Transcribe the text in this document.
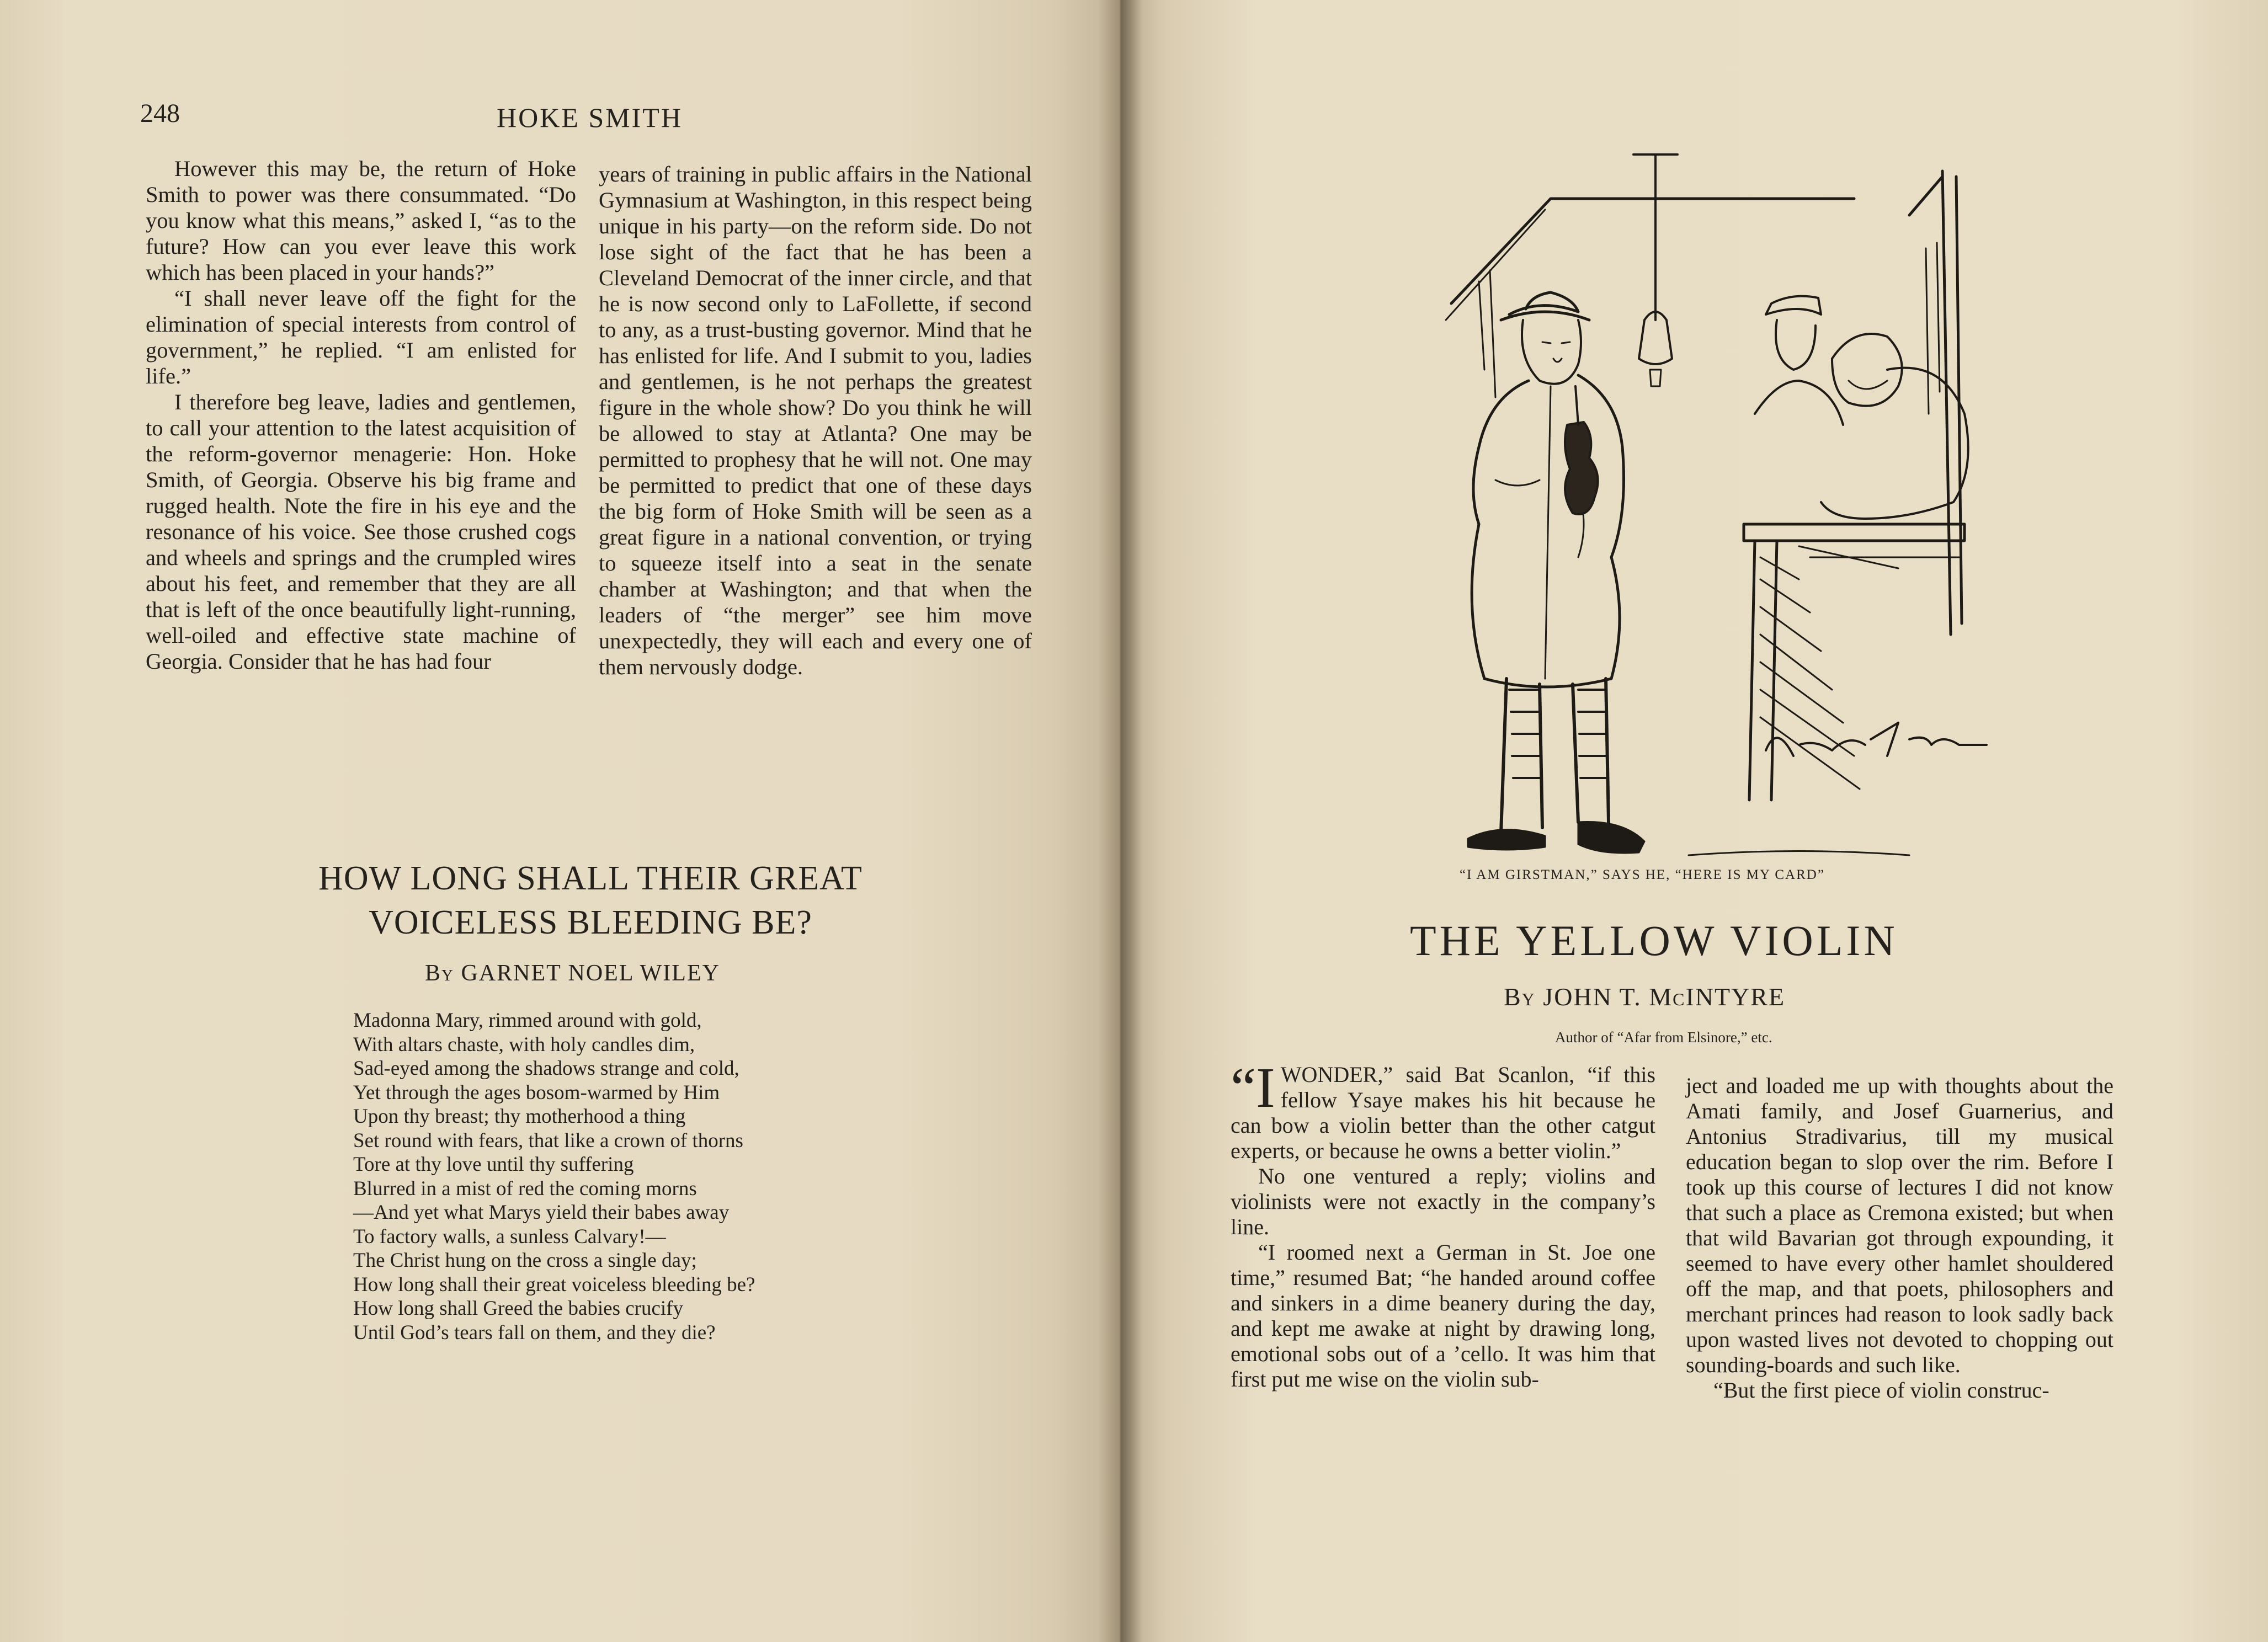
248	HOKE SMITH

However this may be, the return of Hoke Smith to power was there consummated. “Do you know what this means,” asked I, “as to the future? How can you ever leave this work which has been placed in your hands?”

“I shall never leave off the fight for the elimination of special interests from control of government,” he replied. “I am enlisted for life.”

I therefore beg leave, ladies and gentlemen, to call your attention to the latest acquisition of the reform-governor menagerie: Hon. Hoke Smith, of Georgia. Observe his big frame and rugged health. Note the fire in his eye and the resonance of his voice. See those crushed cogs and wheels and springs and the crumpled wires about his feet, and remember that they are all that is left of the once beautifully light-running, well-oiled and effective state machine of Georgia. Consider that he has had four

years of training in public affairs in the National Gymnasium at Washington, in this respect being unique in his party—on the reform side. Do not lose sight of the fact that he has been a Cleveland Democrat of the inner circle, and that he is now second only to LaFollette, if second to any, as a trust-busting governor. Mind that he has enlisted for life. And I submit to you, ladies and gentlemen, is he not perhaps the greatest figure in the whole show? Do you think he will be allowed to stay at Atlanta? One may be permitted to prophesy that he will not. One may be permitted to predict that one of these days the big form of Hoke Smith will be seen as a great figure in a national convention, or trying to squeeze itself into a seat in the senate chamber at Washington; and that when the leaders of “the merger” see him move unexpectedly, they will each and every one of them nervously dodge.

HOW LONG SHALL THEIR GREAT
VOICELESS BLEEDING BE?
By GARNET NOEL WILEY
Madonna Mary, rimmed around with gold,
With altars chaste, with holy candles dim,
Sad-eyed among the shadows strange and cold,
Yet through the ages bosom-warmed by Him
Upon thy breast; thy motherhood a thing
Set round with fears, that like a crown of thorns
Tore at thy love until thy suffering
Blurred in a mist of red the coming morns
—And yet what Marys yield their babes away
To factory walls, a sunless Calvary!—
The Christ hung on the cross a single day;
How long shall their great voiceless bleeding be?
How long shall Greed the babies crucify
Until God’s tears fall on them, and they die?
“I AM GIRSTMAN,” SAYS HE, “HERE IS MY CARD”
THE YELLOW VIOLIN
By JOHN T. McINTYRE
Author of “Afar from Elsinore,” etc.

“I WONDER,” said Bat Scanlon, “if this fellow Ysaye makes his hit because he can bow a violin better than the other catgut experts, or because he owns a better violin.”

No one ventured a reply; violins and violinists were not exactly in the company’s line.

“I roomed next a German in St. Joe one time,” resumed Bat; “he handed around coffee and sinkers in a dime beanery during the day, and kept me awake at night by drawing long, emotional sobs out of a ’cello. It was him that first put me wise on the violin sub-

ject and loaded me up with thoughts about the Amati family, and Josef Guarnerius, and Antonius Stradivarius, till my musical education began to slop over the rim. Before I took up this course of lectures I did not know that such a place as Cremona existed; but when that wild Bavarian got through expounding, it seemed to have every other hamlet shouldered off the map, and that poets, philosophers and merchant princes had reason to look sadly back upon wasted lives not devoted to chopping out sounding-boards and such like.

“But the first piece of violin construc-
